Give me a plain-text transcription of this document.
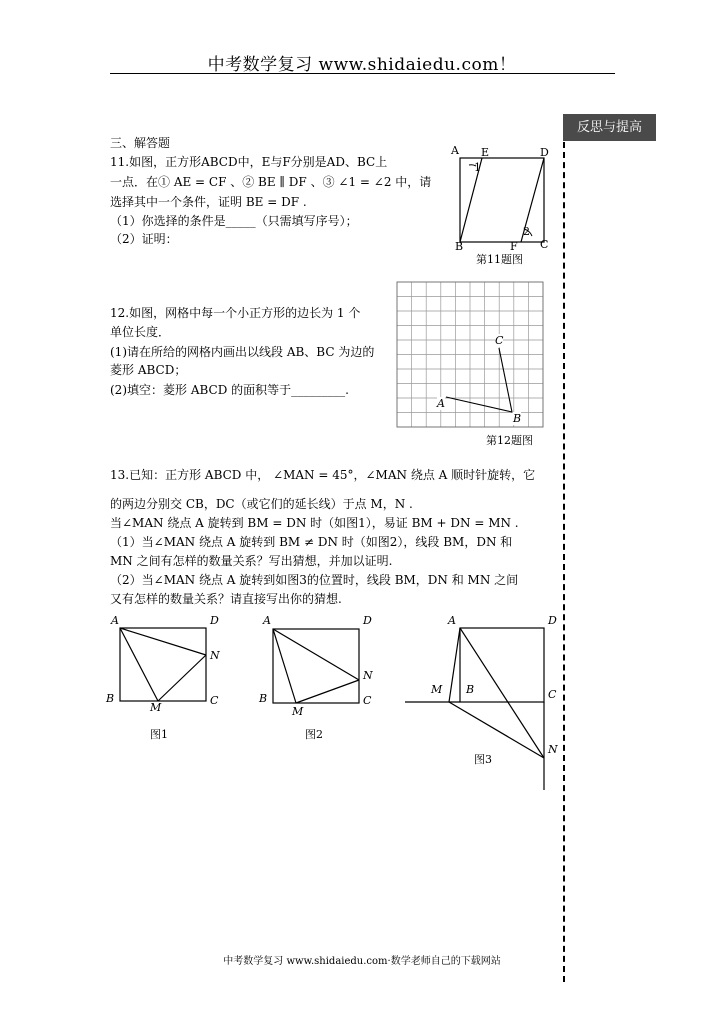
中考数学复习 www.shidaiedu.com！
反思与提高
三、解答题
11.如图，正方形ABCD中，E与F分别是AD、BC上
一点．在① AE = CF 、② BE ∥ DF 、③ ∠1 = ∠2 中，请
选择其中一个条件，证明 BE = DF .
（1）你选择的条件是_____（只需填写序号）；
（2）证明：
A E	D
1
2
B	F C
第11题图
12.如图，网格中每一个小正方形的边长为 1 个
单位长度．
(1)请在所给的网格内画出以线段 AB、BC 为边的
菱形 ABCD；
(2)填空：菱形 ABCD 的面积等于_________.
A
B
C
第12题图
13.已知：正方形 ABCD 中， ∠MAN = 45°，∠MAN 绕点 A 顺时针旋转，它
的两边分别交 CB，DC（或它们的延长线）于点 M，N .
当∠MAN 绕点 A 旋转到 BM = DN 时（如图1），易证 BM + DN = MN .
（1）当∠MAN 绕点 A 旋转到 BM ≠ DN 时（如图2），线段 BM，DN 和
MN 之间有怎样的数量关系？写出猜想，并加以证明.
（2）当∠MAN 绕点 A 旋转到如图3的位置时，线段 BM，DN 和 MN 之间
又有怎样的数量关系？请直接写出你的猜想.
A	D
N
B
M
C
图1
A	D
N
B
M
C
图2
A	D
M B	C
N
图3
中考数学复习 www.shidaiedu.com·数学老师自己的下载网站
